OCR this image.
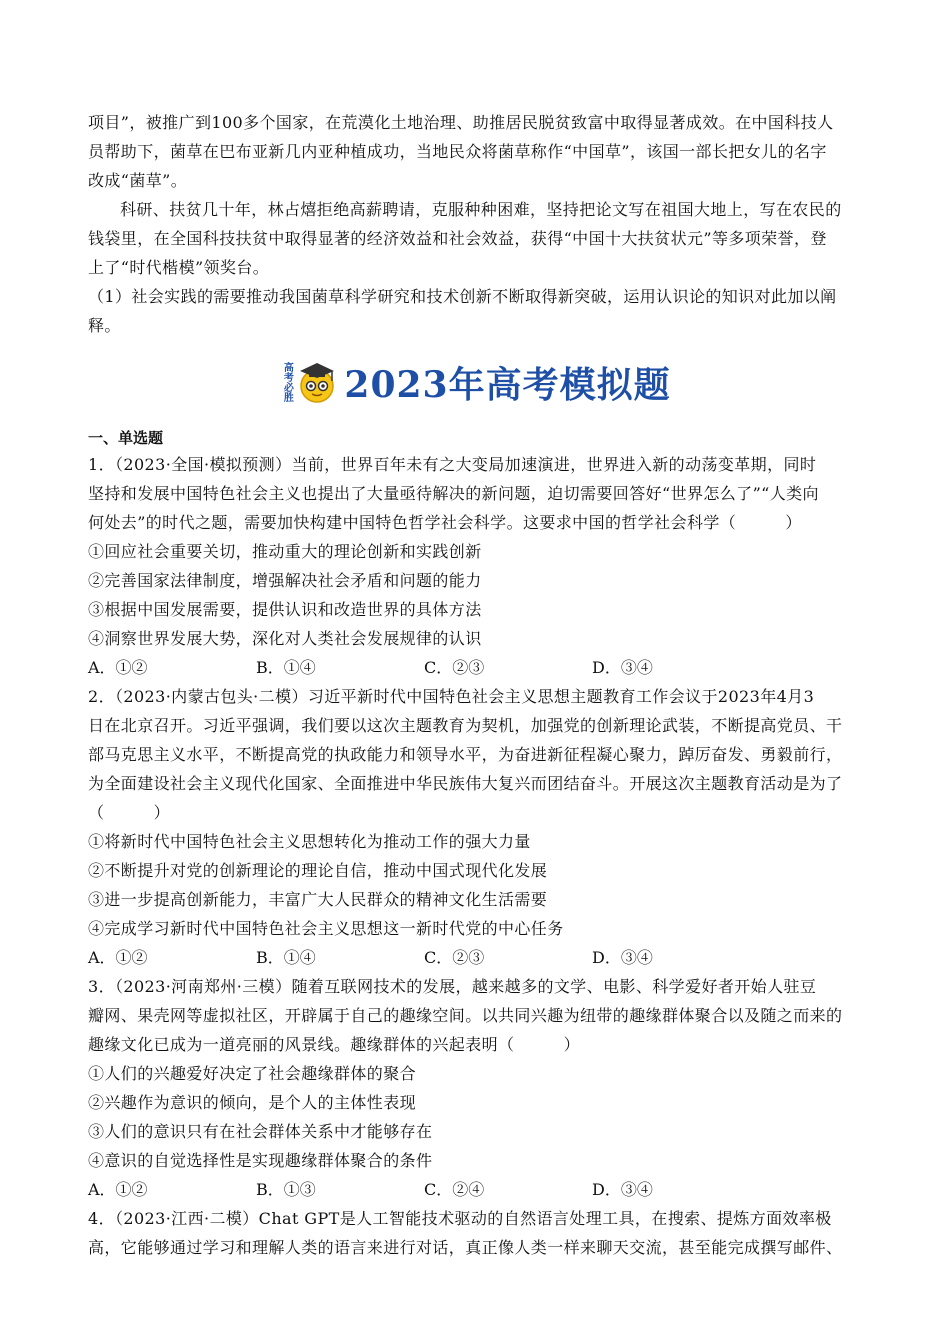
项目”，被推广到100多个国家，在荒漠化土地治理、助推居民脱贫致富中取得显著成效。在中国科技人
员帮助下，菌草在巴布亚新几内亚种植成功，当地民众将菌草称作“中国草”，该国一部长把女儿的名字
改成“菌草”。
科研、扶贫几十年，林占熺拒绝高薪聘请，克服种种困难，坚持把论文写在祖国大地上，写在农民的
钱袋里，在全国科技扶贫中取得显著的经济效益和社会效益，获得“中国十大扶贫状元”等多项荣誉，登
上了“时代楷模”领奖台。
（1）社会实践的需要推动我国菌草科学研究和技术创新不断取得新突破，运用认识论的知识对此加以阐
释。
高考必胜 2023年高考模拟题
一、单选题
1．（2023·全国·模拟预测）当前，世界百年未有之大变局加速演进，世界进入新的动荡变革期，同时
坚持和发展中国特色社会主义也提出了大量亟待解决的新问题，迫切需要回答好“世界怎么了”“人类向
何处去”的时代之题，需要加快构建中国特色哲学社会科学。这要求中国的哲学社会科学（　　　）
①回应社会重要关切，推动重大的理论创新和实践创新
②完善国家法律制度，增强解决社会矛盾和问题的能力
③根据中国发展需要，提供认识和改造世界的具体方法
④洞察世界发展大势，深化对人类社会发展规律的认识
A．①②	B．①④	C．②③	D．③④
2．（2023·内蒙古包头·二模）习近平新时代中国特色社会主义思想主题教育工作会议于2023年4月3
日在北京召开。习近平强调，我们要以这次主题教育为契机，加强党的创新理论武装，不断提高党员、干
部马克思主义水平，不断提高党的执政能力和领导水平，为奋进新征程凝心聚力，踔厉奋发、勇毅前行，
为全面建设社会主义现代化国家、全面推进中华民族伟大复兴而团结奋斗。开展这次主题教育活动是为了
（　　　）
①将新时代中国特色社会主义思想转化为推动工作的强大力量
②不断提升对党的创新理论的理论自信，推动中国式现代化发展
③进一步提高创新能力，丰富广大人民群众的精神文化生活需要
④完成学习新时代中国特色社会主义思想这一新时代党的中心任务
A．①②	B．①④	C．②③	D．③④
3．（2023·河南郑州·三模）随着互联网技术的发展，越来越多的文学、电影、科学爱好者开始人驻豆
瓣网、果壳网等虚拟社区，开辟属于自己的趣缘空间。以共同兴趣为纽带的趣缘群体聚合以及随之而来的
趣缘文化已成为一道亮丽的风景线。趣缘群体的兴起表明（　　　）
①人们的兴趣爱好决定了社会趣缘群体的聚合
②兴趣作为意识的倾向，是个人的主体性表现
③人们的意识只有在社会群体关系中才能够存在
④意识的自觉选择性是实现趣缘群体聚合的条件
A．①②	B．①③	C．②④	D．③④
4．（2023·江西·二模）Chat GPT是人工智能技术驱动的自然语言处理工具，在搜索、提炼方面效率极
高，它能够通过学习和理解人类的语言来进行对话，真正像人类一样来聊天交流，甚至能完成撰写邮件、
